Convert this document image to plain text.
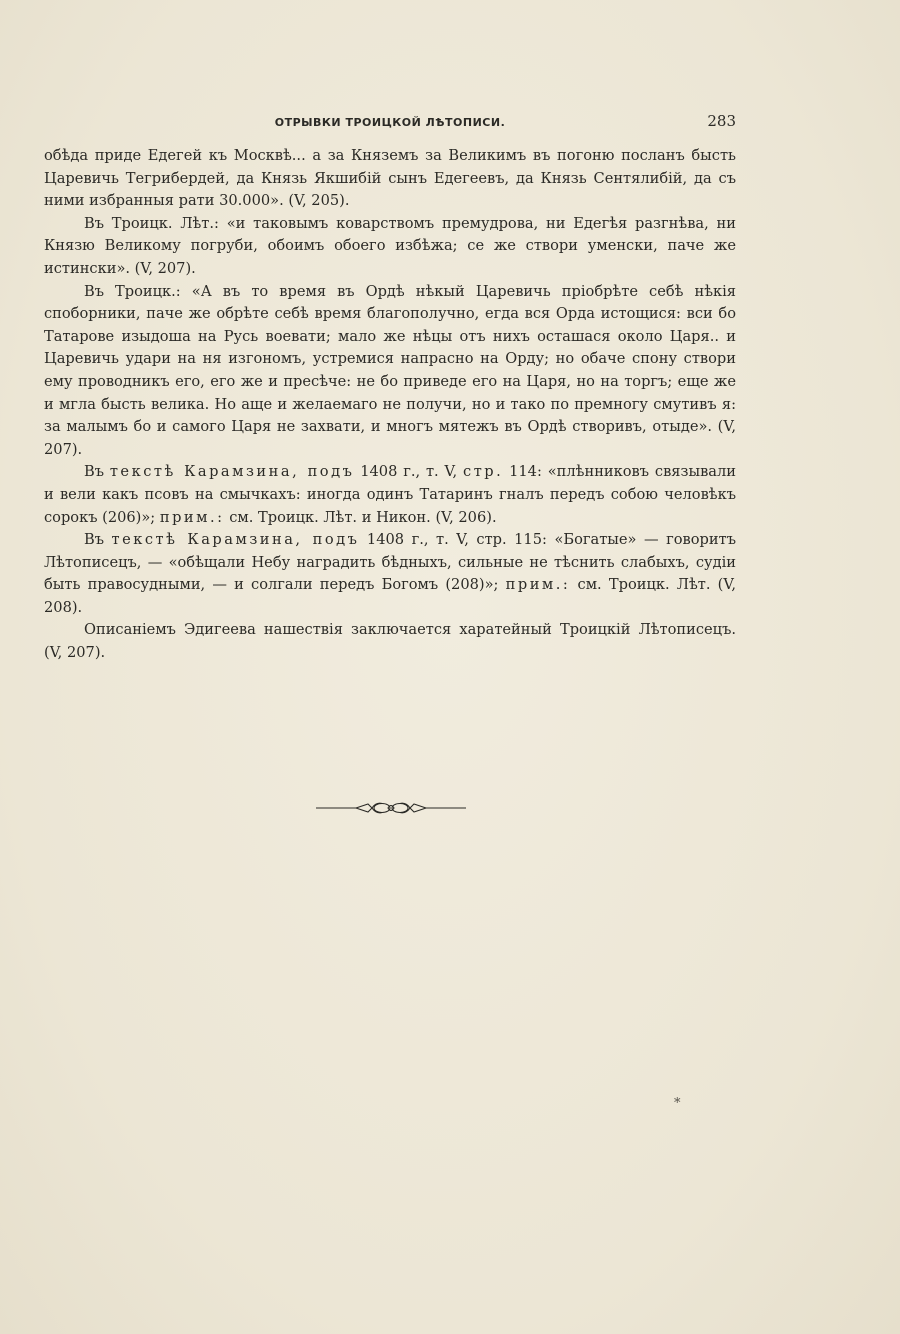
ОТРЫВКИ ТРОИЦКОЙ ЛѢТОПИСИ.	283

обѣда приде Едегей къ Москвѣ... а за Княземъ за Великимъ въ погоню посланъ бысть Царевичь Тегрибердей, да Князь Якшибій сынъ Едегеевъ, да Князь Сентялибій, да съ ними избранныя рати 30.000». (V, 205).

Въ Троицк. Лѣт.: «и таковымъ коварствомъ премудрова, ни Едегѣя разгнѣва, ни Князю Великому погруби, обоимъ обоего избѣжа; се же створи уменски, паче же истински». (V, 207).

Въ Троицк.: «А въ то время въ Ордѣ нѣкый Царевичь пріобрѣте себѣ нѣкія споборники, паче же обрѣте себѣ время благополучно, егда вся Орда истощися: вси бо Татарове изыдоша на Русь воевати; мало же нѣцы отъ нихъ осташася около Царя.. и Царевичь удари на ня изгономъ, устремися напрасно на Орду; но обаче спону створи ему проводникъ его, его же и пресѣче: не бо приведе его на Царя, но на торгъ; еще же и мгла бысть велика. Но аще и желаемаго не получи, но и тако по премногу смутивъ я: за малымъ бо и самого Царя не захвати, и многъ мятежъ въ Ордѣ створивъ, отыде». (V, 207).

Въ текстѣ Карамзина, подъ 1408 г., т. V, стр. 114: «плѣнниковъ связывали и вели какъ псовъ на смычкахъ: иногда одинъ Татаринъ гналъ передъ собою человѣкъ сорокъ (206)»; прим.: см. Троицк. Лѣт. и Никон. (V, 206).

Въ текстѣ Карамзина, подъ 1408 г., т. V, стр. 115: «Богатые» — говоритъ Лѣтописецъ, — «обѣщали Небу наградить бѣдныхъ, сильные не тѣснить слабыхъ, судіи быть правосудными, — и солгали передъ Богомъ (208)»; прим.: см. Троицк. Лѣт. (V, 208).

Описаніемъ Эдигеева нашествія заключается харатейный Троицкій Лѣтописецъ. (V, 207).

*
